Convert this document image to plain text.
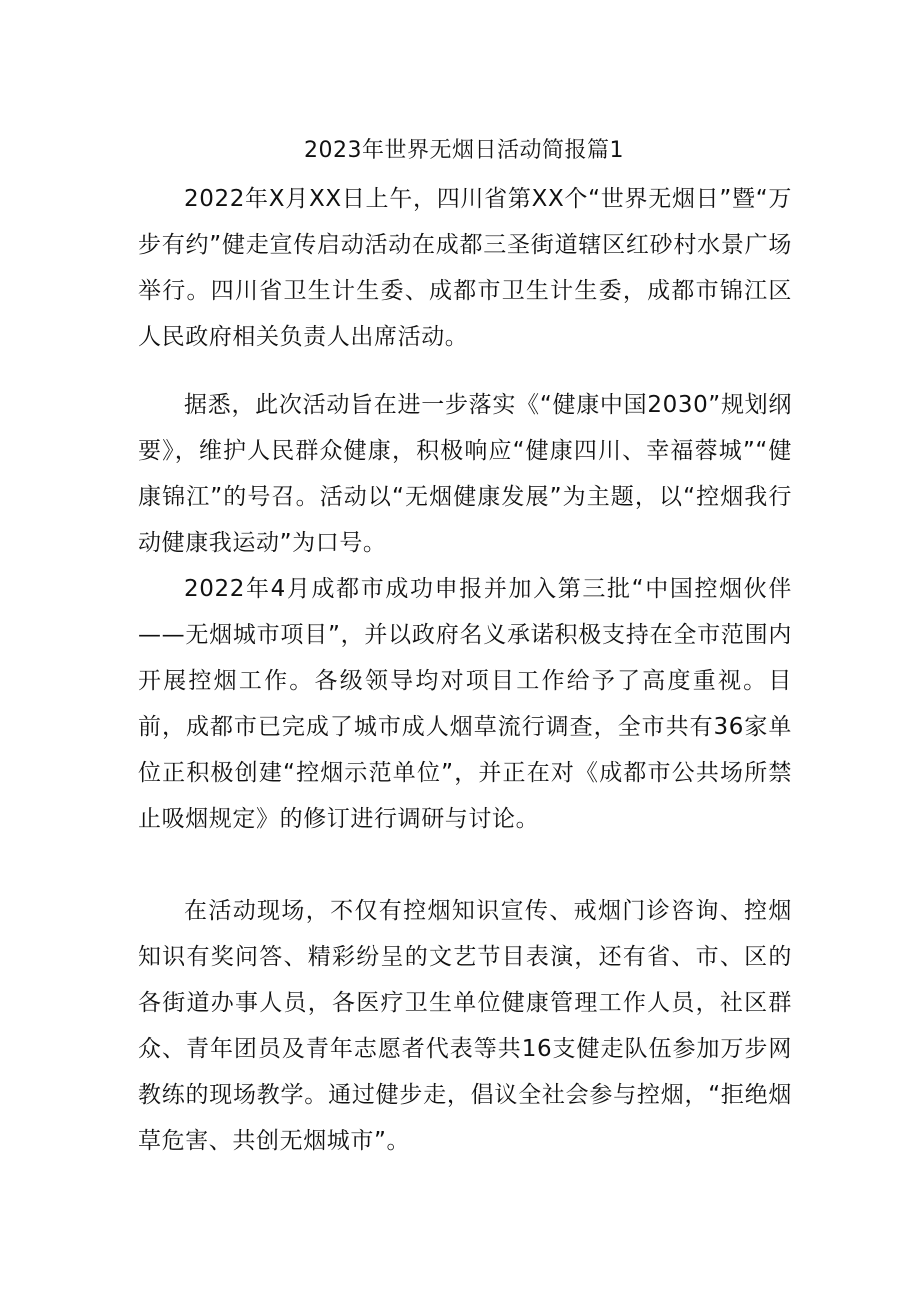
2023年世界无烟日活动简报篇1

2022年X月XX日上午，四川省第XX个“世界无烟日”暨“万步有约”健走宣传启动活动在成都三圣街道辖区红砂村水景广场举行。四川省卫生计生委、成都市卫生计生委，成都市锦江区人民政府相关负责人出席活动。

据悉，此次活动旨在进一步落实《“健康中国2030”规划纲要》，维护人民群众健康，积极响应“健康四川、幸福蓉城”“健康锦江”的号召。活动以“无烟健康发展”为主题，以“控烟我行动健康我运动”为口号。

2022年4月成都市成功申报并加入第三批“中国控烟伙伴——无烟城市项目”，并以政府名义承诺积极支持在全市范围内开展控烟工作。各级领导均对项目工作给予了高度重视。目前，成都市已完成了城市成人烟草流行调查，全市共有36家单位正积极创建“控烟示范单位”，并正在对《成都市公共场所禁止吸烟规定》的修订进行调研与讨论。

在活动现场，不仅有控烟知识宣传、戒烟门诊咨询、控烟知识有奖问答、精彩纷呈的文艺节目表演，还有省、市、区的各街道办事人员，各医疗卫生单位健康管理工作人员，社区群众、青年团员及青年志愿者代表等共16支健走队伍参加万步网教练的现场教学。通过健步走，倡议全社会参与控烟，“拒绝烟草危害、共创无烟城市”。
